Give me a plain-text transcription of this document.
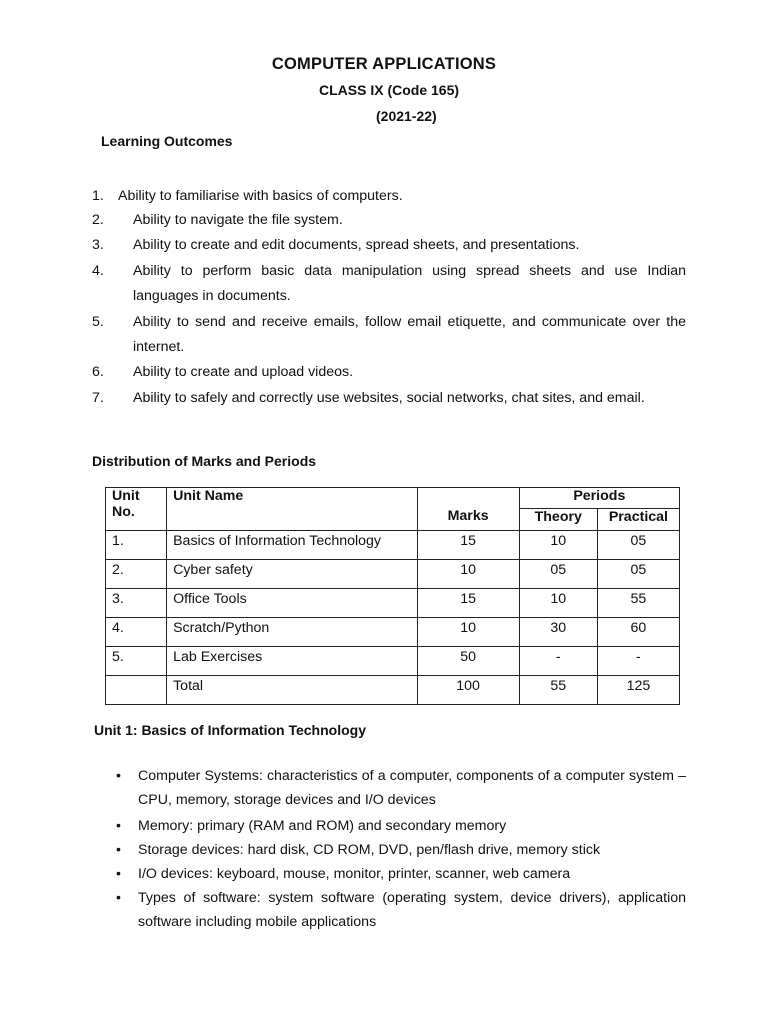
COMPUTER APPLICATIONS
CLASS IX (Code 165)
(2021-22)
Learning Outcomes
1. Ability to familiarise with basics of computers.
2. Ability to navigate the file system.
3. Ability to create and edit documents, spread sheets, and presentations.
4. Ability to perform basic data manipulation using spread sheets and use Indian languages in documents.
5. Ability to send and receive emails, follow email etiquette, and communicate over the internet.
6. Ability to create and upload videos.
7. Ability to safely and correctly use websites, social networks, chat sites, and email.
Distribution of Marks and Periods
Unit No.	Unit Name	Marks	Periods	
			Theory	Practical
1.	Basics of Information Technology	15	10	05
2.	Cyber safety	10	05	05
3.	Office Tools	15	10	55
4.	Scratch/Python	10	30	60
5.	Lab Exercises	50	-	-
	Total	100	55	125
Unit 1: Basics of Information Technology
• Computer Systems: characteristics of a computer, components of a computer system – CPU, memory, storage devices and I/O devices
• Memory: primary (RAM and ROM) and secondary memory
• Storage devices: hard disk, CD ROM, DVD, pen/flash drive, memory stick
• I/O devices: keyboard, mouse, monitor, printer, scanner, web camera
• Types of software: system software (operating system, device drivers), application software including mobile applications
